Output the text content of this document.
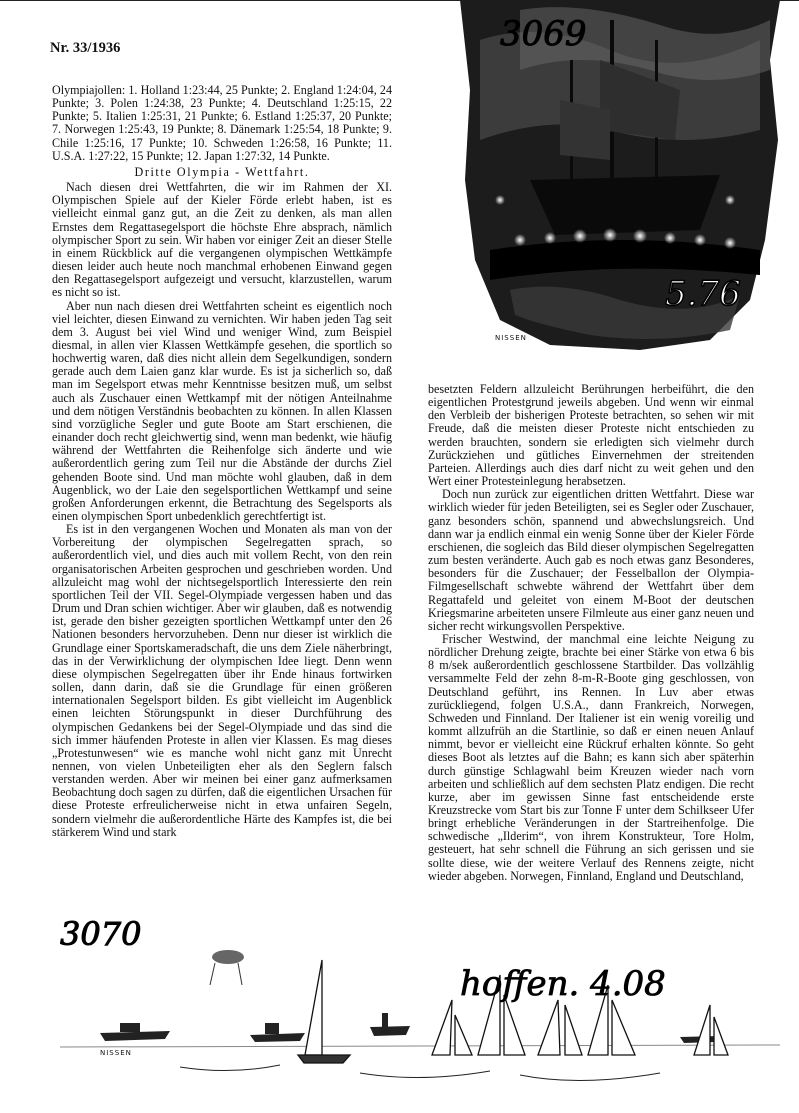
Nr. 33/1936

Olympiajollen: 1. Holland 1:23:44, 25 Punkte; 2. England 1:24:04, 24 Punkte; 3. Polen 1:24:38, 23 Punkte; 4. Deutschland 1:25:15, 22 Punkte; 5. Italien 1:25:31, 21 Punkte; 6. Estland 1:25:37, 20 Punkte; 7. Norwegen 1:25:43, 19 Punkte; 8. Dänemark 1:25:54, 18 Punkte; 9. Chile 1:25:16, 17 Punkte; 10. Schweden 1:26:58, 16 Punkte; 11. U.S.A. 1:27:22, 15 Punkte; 12. Japan 1:27:32, 14 Punkte.

Dritte Olympia - Wettfahrt.

Nach diesen drei Wettfahrten, die wir im Rahmen der XI. Olympischen Spiele auf der Kieler Förde erlebt haben, ist es vielleicht einmal ganz gut, an die Zeit zu denken, als man allen Ernstes dem Regattasegelsport die höchste Ehre absprach, nämlich olympischer Sport zu sein. Wir haben vor einiger Zeit an dieser Stelle in einem Rückblick auf die vergangenen olympischen Wettkämpfe diesen leider auch heute noch manchmal erhobenen Einwand gegen den Regattasegelsport aufgezeigt und versucht, klarzustellen, warum es nicht so ist.

Aber nun nach diesen drei Wettfahrten scheint es eigentlich noch viel leichter, diesen Einwand zu vernichten. Wir haben jeden Tag seit dem 3. August bei viel Wind und weniger Wind, zum Beispiel diesmal, in allen vier Klassen Wettkämpfe gesehen, die sportlich so hochwertig waren, daß dies nicht allein dem Segelkundigen, sondern gerade auch dem Laien ganz klar wurde. Es ist ja sicherlich so, daß man im Segelsport etwas mehr Kenntnisse besitzen muß, um selbst auch als Zuschauer einen Wettkampf mit der nötigen Anteilnahme und dem nötigen Verständnis beobachten zu können. In allen Klassen sind vorzügliche Segler und gute Boote am Start erschienen, die einander doch recht gleichwertig sind, wenn man bedenkt, wie häufig während der Wettfahrten die Reihenfolge sich änderte und wie außerordentlich gering zum Teil nur die Abstände der durchs Ziel gehenden Boote sind. Und man möchte wohl glauben, daß in dem Augenblick, wo der Laie den segelsportlichen Wettkampf und seine großen Anforderungen erkennt, die Betrachtung des Segelsports als einen olympischen Sport unbedenklich gerechtfertigt ist.

Es ist in den vergangenen Wochen und Monaten als man von der Vorbereitung der olympischen Segelregatten sprach, so außerordentlich viel, und dies auch mit vollem Recht, von den rein organisatorischen Arbeiten gesprochen und geschrieben worden. Und allzuleicht mag wohl der nichtsegelsportlich Interessierte den rein sportlichen Teil der VII. Segel-Olympiade vergessen haben und das Drum und Dran schien wichtiger. Aber wir glauben, daß es notwendig ist, gerade den bisher gezeigten sportlichen Wettkampf unter den 26 Nationen besonders hervorzuheben. Denn nur dieser ist wirklich die Grundlage einer Sportskameradschaft, die uns dem Ziele näherbringt, das in der Verwirklichung der olympischen Idee liegt. Denn wenn diese olympischen Segelregatten über ihr Ende hinaus fortwirken sollen, dann darin, daß sie die Grundlage für einen größeren internationalen Segelsport bilden. Es gibt vielleicht im Augenblick einen leichten Störungspunkt in dieser Durchführung des olympischen Gedankens bei der Segel-Olympiade und das sind die sich immer häufenden Proteste in allen vier Klassen. Es mag dieses „Protestunwesen“ wie es manche wohl nicht ganz mit Unrecht nennen, von vielen Unbeteiligten eher als den Seglern falsch verstanden werden. Aber wir meinen bei einer ganz aufmerksamen Beobachtung doch sagen zu dürfen, daß die eigentlichen Ursachen für diese Proteste erfreulicherweise nicht in etwa unfairen Segeln, sondern vielmehr die außerordentliche Härte des Kampfes ist, die bei stärkerem Wind und stark

besetzten Feldern allzuleicht Berührungen herbeiführt, die den eigentlichen Protestgrund jeweils abgeben. Und wenn wir einmal den Verbleib der bisherigen Proteste betrachten, so sehen wir mit Freude, daß die meisten dieser Proteste nicht entschieden zu werden brauchten, sondern sie erledigten sich vielmehr durch Zurückziehen und gütliches Einvernehmen der streitenden Parteien. Allerdings auch dies darf nicht zu weit gehen und den Wert einer Protesteinlegung herabsetzen.

Doch nun zurück zur eigentlichen dritten Wettfahrt. Diese war wirklich wieder für jeden Beteiligten, sei es Segler oder Zuschauer, ganz besonders schön, spannend und abwechslungsreich. Und dann war ja endlich einmal ein wenig Sonne über der Kieler Förde erschienen, die sogleich das Bild dieser olympischen Segelregatten zum besten veränderte. Auch gab es noch etwas ganz Besonderes, besonders für die Zuschauer; der Fesselballon der Olympia-Filmgesellschaft schwebte während der Wettfahrt über dem Regattafeld und geleitet von einem M-Boot der deutschen Kriegsmarine arbeiteten unsere Filmleute aus einer ganz neuen und sicher recht wirkungsvollen Perspektive.

Frischer Westwind, der manchmal eine leichte Neigung zu nördlicher Drehung zeigte, brachte bei einer Stärke von etwa 6 bis 8 m/sek außerordentlich geschlossene Startbilder. Das vollzählig versammelte Feld der zehn 8-m-R-Boote ging geschlossen, von Deutschland geführt, ins Rennen. In Luv aber etwas zurückliegend, folgen U.S.A., dann Frankreich, Norwegen, Schweden und Finnland. Der Italiener ist ein wenig voreilig und kommt allzufrüh an die Startlinie, so daß er einen neuen Anlauf nimmt, bevor er vielleicht eine Rückruf erhalten könnte. So geht dieses Boot als letztes auf die Bahn; es kann sich aber späterhin durch günstige Schlagwahl beim Kreuzen wieder nach vorn arbeiten und schließlich auf dem sechsten Platz endigen. Die recht kurze, aber im gewissen Sinne fast entscheidende erste Kreuzstrecke vom Start bis zur Tonne F unter dem Schilkseer Ufer bringt erhebliche Veränderungen in der Startreihenfolge. Die schwedische „Ilderim“, von ihrem Konstrukteur, Tore Holm, gesteuert, hat sehr schnell die Führung an sich gerissen und sie sollte diese, wie der weitere Verlauf des Rennens zeigte, nicht wieder abgeben. Norwegen, Finnland, England und Deutschland,

3069
5.76
NISSEN
3070
hoffen. 4.08
NISSEN
